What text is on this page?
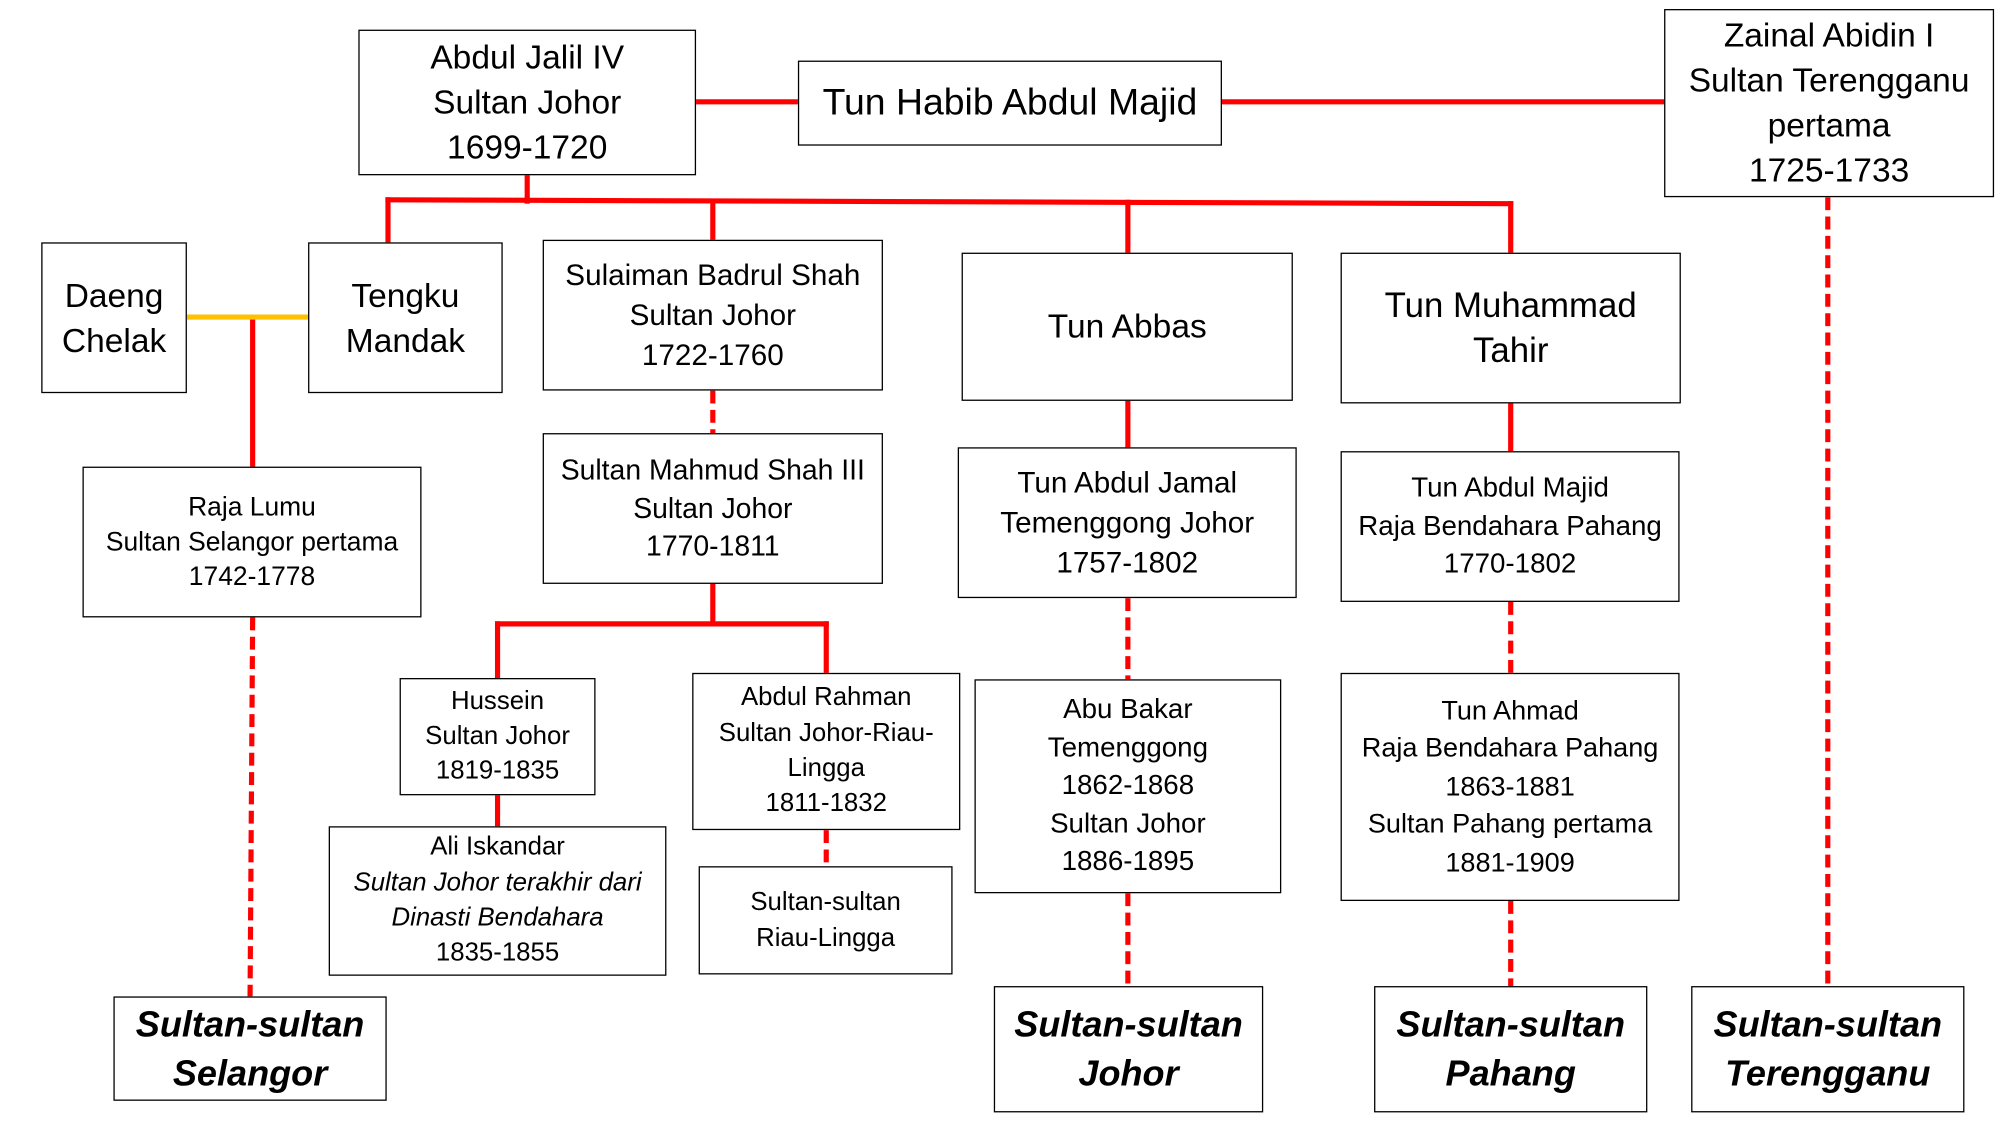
Abdul Jalil IV
Sultan Johor
1699-1720
Tun Habib Abdul Majid
Zainal Abidin I
Sultan Terengganu
pertama
1725-1733
Daeng
Chelak
Tengku
Mandak
Sulaiman Badrul Shah
Sultan Johor
1722-1760
Tun Abbas
Tun Muhammad
Tahir
Raja Lumu
Sultan Selangor pertama
1742-1778
Sultan Mahmud Shah III
Sultan Johor
1770-1811
Tun Abdul Jamal
Temenggong Johor
1757-1802
Tun Abdul Majid
Raja Bendahara Pahang
1770-1802
Hussein
Sultan Johor
1819-1835
Abdul Rahman
Sultan Johor-Riau-
Lingga
1811-1832
Ali Iskandar
Sultan Johor terakhir dari
Dinasti Bendahara
1835-1855
Sultan-sultan
Riau-Lingga
Abu Bakar
Temenggong
1862-1868
Sultan Johor
1886-1895
Tun Ahmad
Raja Bendahara Pahang
1863-1881
Sultan Pahang pertama
1881-1909
Sultan-sultan
Selangor
Sultan-sultan
Johor
Sultan-sultan
Pahang
Sultan-sultan
Terengganu
